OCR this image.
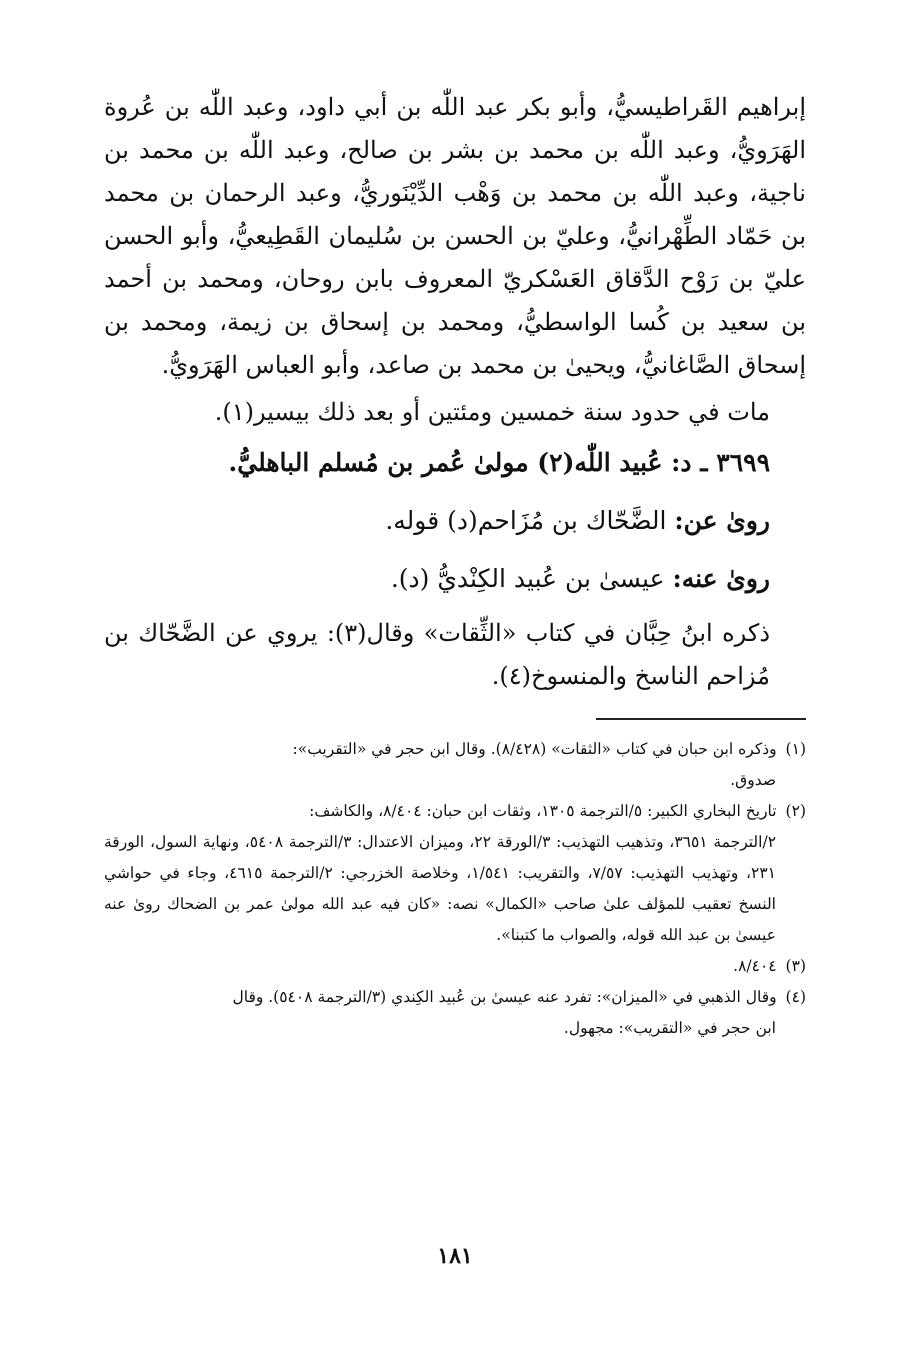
إبراهيم القَراطيسيُّ، وأبو بكر عبد اللّٰه بن أبي داود، وعبد اللّٰه بن عُروة الهَرَويُّ، وعبد اللّٰه بن محمد بن بشر بن صالح، وعبد اللّٰه بن محمد بن ناجية، وعبد اللّٰه بن محمد بن وَهْب الدِّيْنَوريُّ، وعبد الرحمان بن محمد بن حَمّاد الطِّهْرانيُّ، وعليّ بن الحسن بن سُليمان القَطِيعيُّ، وأبو الحسن عليّ بن رَوْح الدَّقاق العَسْكريّ المعروف بابن روحان، ومحمد بن أحمد بن سعيد بن كُسا الواسطيُّ، ومحمد بن إسحاق بن زيمة، ومحمد بن إسحاق الصَّاغانيُّ، ويحيىٰ بن محمد بن صاعد، وأبو العباس الهَرَويُّ.

مات في حدود سنة خمسين ومئتين أو بعد ذلك بيسير(١).

٣٦٩٩ ـ د: عُبيد اللّٰه(٢) مولىٰ عُمر بن مُسلم الباهليُّ.

روىٰ عن: الضَّحّاك بن مُزَاحم(د) قوله.

روىٰ عنه: عيسىٰ بن عُبيد الكِنْديُّ (د).

ذكره ابنُ حِبَّان في كتاب «الثِّقات» وقال(٣): يروي عن الضَّحّاك بن مُزاحم الناسخ والمنسوخ(٤).

(١) وذكره ابن حبان في كتاب «الثقات» (٨/٤٢٨). وقال ابن حجر في «التقريب»:

صدوق.

(٢) تاريخ البخاري الكبير: ٥/الترجمة ١٣٠٥، وثقات ابن حبان: ٨/٤٠٤، والكاشف:

٢/الترجمة ٣٦٥١، وتذهيب التهذيب: ٣/الورقة ٢٢، وميزان الاعتدال: ٣/الترجمة ٥٤٠٨، ونهاية السول، الورقة ٢٣١، وتهذيب التهذيب: ٧/٥٧، والتقريب: ١/٥٤١، وخلاصة الخزرجي: ٢/الترجمة ٤٦١٥، وجاء في حواشي النسخ تعقيب للمؤلف علىٰ صاحب «الكمال» نصه: «كان فيه عبد الله مولىٰ عمر بن الضحاك روىٰ عنه عيسىٰ بن عبد الله قوله، والصواب ما كتبنا».

(٣) ٨/٤٠٤.

(٤) وقال الذهبي في «الميزان»: تفرد عنه عيسىٰ بن عُبيد الكِندي (٣/الترجمة ٥٤٠٨). وقال

ابن حجر في «التقريب»: مجهول.

١٨١
